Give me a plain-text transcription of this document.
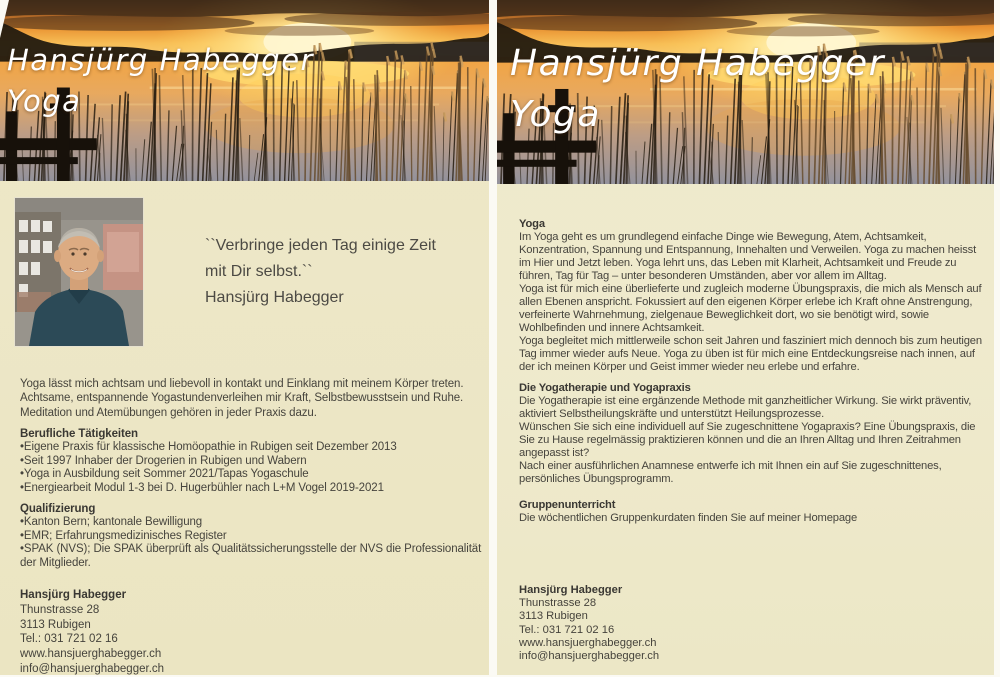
Hansjürg Habegger
Yoga
``Verbringe jeden Tag einige Zeit
mit Dir selbst.``
Hansjürg Habegger

Yoga lässt mich achtsam und liebevoll in kontakt und Einklang mit meinem Körper treten. Achtsame, entspannende Yogastundenverleihen mir Kraft, Selbstbewusstsein und Ruhe. Meditation und Atemübungen gehören in jeder Praxis dazu.

Berufliche Tätigkeiten
•Eigene Praxis für klassische Homöopathie in Rubigen seit Dezember 2013
•Seit 1997 Inhaber der Drogerien in Rubigen und Wabern
•Yoga in Ausbildung seit Sommer 2021/Tapas Yogaschule
•Energiearbeit Modul 1-3 bei D. Hugerbühler nach L+M Vogel 2019-2021
Qualifizierung
•Kanton Bern; kantonale Bewilligung
•EMR; Erfahrungsmedizinisches Register
•SPAK (NVS); Die SPAK überprüft als Qualitätssicherungsstelle der NVS die Professionalität der Mitglieder.
Hansjürg Habegger
Thunstrasse 28
3113 Rubigen
Tel.: 031 721 02 16
www.hansjuerghabegger.ch
info@hansjuerghabegger.ch
Hansjürg Habegger
Yoga
Yoga

Im Yoga geht es um grundlegend einfache Dinge wie Bewegung, Atem, Achtsamkeit, Konzentration, Spannung und Entspannung, Innehalten und Verweilen. Yoga zu machen heisst im Hier und Jetzt leben. Yoga lehrt uns, das Leben mit Klarheit, Achtsamkeit und Freude zu führen, Tag für Tag – unter besonderen Umständen, aber vor allem im Alltag.

Yoga ist für mich eine überlieferte und zugleich moderne Übungspraxis, die mich als Mensch auf allen Ebenen anspricht. Fokussiert auf den eigenen Körper erlebe ich Kraft ohne Anstrengung, verfeinerte Wahrnehmung, zielgenaue Beweglichkeit dort, wo sie benötigt wird, sowie Wohlbefinden und innere Achtsamkeit.

Yoga begleitet mich mittlerweile schon seit Jahren und fasziniert mich dennoch bis zum heutigen Tag immer wieder aufs Neue. Yoga zu üben ist für mich eine Entdeckungsreise nach innen, auf der ich meinen Körper und Geist immer wieder neu erlebe und erfahre.

Die Yogatherapie und Yogapraxis

Die Yogatherapie ist eine ergänzende Methode mit ganzheitlicher Wirkung. Sie wirkt präventiv, aktiviert Selbstheilungskräfte und unterstützt Heilungsprozesse.

Wünschen Sie sich eine individuell auf Sie zugeschnittene Yogapraxis? Eine Übungspraxis, die Sie zu Hause regelmässig praktizieren können und die an Ihren Alltag und Ihren Zeitrahmen angepasst ist?

Nach einer ausführlichen Anamnese entwerfe ich mit Ihnen ein auf Sie zugeschnittenes, persönliches Übungsprogramm.

Gruppenunterricht

Die wöchentlichen Gruppenkurdaten finden Sie auf meiner Homepage

Hansjürg Habegger
Thunstrasse 28
3113 Rubigen
Tel.: 031 721 02 16
www.hansjuerghabegger.ch
info@hansjuerghabegger.ch
